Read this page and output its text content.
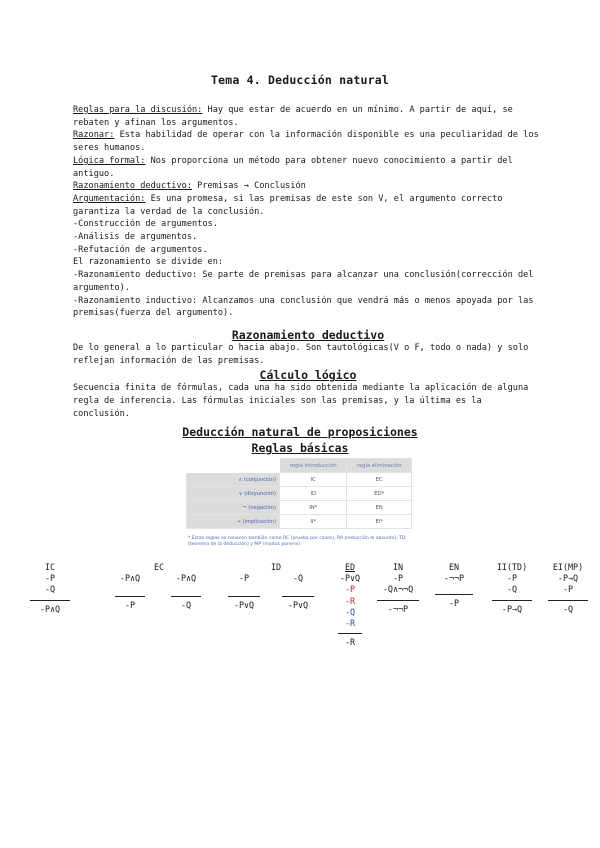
Tema 4. Deducción natural

Reglas para la discusión: Hay que estar de acuerdo en un mínimo. A partir de aquí, se rebaten y afinan los argumentos.

Razonar: Esta habilidad de operar con la información disponible es una peculiaridad de los seres humanos.

Lógica formal: Nos proporciona un método para obtener nuevo conocimiento a partir del antiguo.

Razonamiento deductivo: Premisas → Conclusión

Argumentación: Es una promesa, si las premisas de este son V, el argumento correcto garantiza la verdad de la conclusión.

-Construcción de argumentos.

-Análisis de argumentos.

-Refutación de argumentos.

El razonamiento se divide en:

-Razonamiento deductivo: Se parte de premisas para alcanzar una conclusión(corrección del argumento).

-Razonamiento inductivo: Alcanzamos una conclusión que vendrá más o menos apoyada por las premisas(fuerza del argumento).

Razonamiento deductivo

De lo general a lo particular o hacia abajo. Son tautológicas(V o F, todo o nada) y solo reflejan información de las premisas.

Cálculo lógico

Secuencia finita de fórmulas, cada una ha sido obtenida mediante la aplicación de alguna regla de inferencia. Las fórmulas iniciales son las premisas, y la última es la conclusión.

Deducción natural de proposiciones
Reglas básicas
	regla introducción	regla eliminación
∧ (conjunción)	IC	EC
∨ (disyunción)	ID	ED*
¬ (negación)	IN*	EN
→ (implicación)	II*	EI*
* Estas reglas se conocen también como RC (prueba por casos), RA (reducción al absurdo), TD (teorema de la deducción) y MP (modus ponens)
IC
-P
-Q
-P∧Q
EC
-P∧Q
-P
-P∧Q
-Q
ID
-P
-P∨Q
-Q
-P∨Q
ED
-P∨Q
-P
-R
-Q
-R
-R
IN
-P
-Q∧¬¬Q
-¬¬P
EN
-¬¬P
-P
II(TD)
-P
-Q
-P→Q
EI(MP)
-P→Q
-P
-Q
